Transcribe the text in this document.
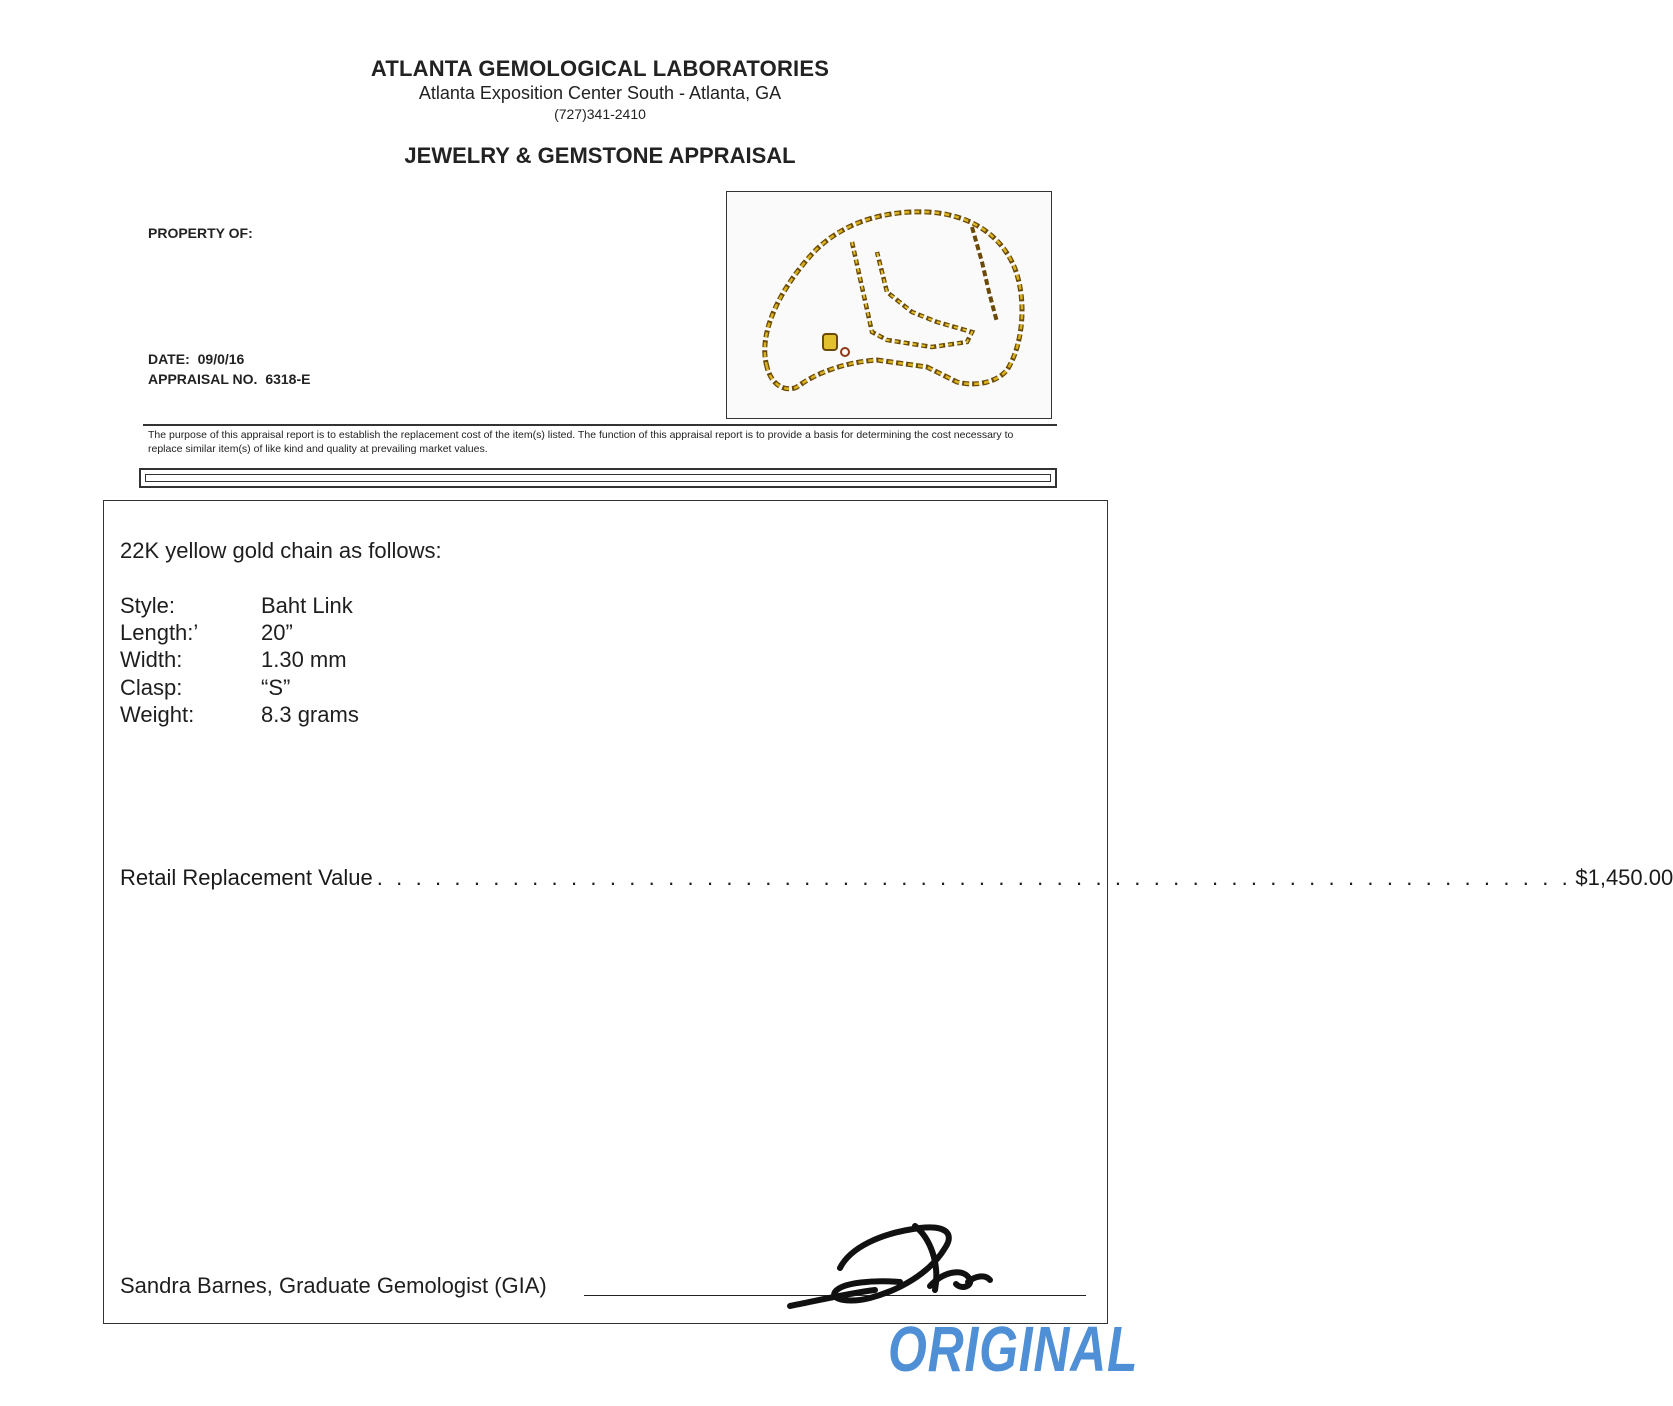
ATLANTA GEMOLOGICAL LABORATORIES
Atlanta Exposition Center South - Atlanta, GA
(727)341-2410
JEWELRY & GEMSTONE APPRAISAL
PROPERTY OF:
DATE: 09/0/16
APPRAISAL NO. 6318-E
The purpose of this appraisal report is to establish the replacement cost of the item(s) listed. The function of this appraisal report is to provide a basis for determining the cost necessary to replace similar item(s) of like kind and quality at prevailing market values.
22K yellow gold chain as follows:
Style:	Baht Link
Length:’	20”
Width:	1.30 mm
Clasp:	“S”
Weight:	8.3 grams
Retail Replacement Value . . . . . . . . . . . . . . . . . . . . . . . . . . . . . . . . . . . . . . . . . . . . . . . . . . . . . . . . . . . . . . $1,450.00
Sandra Barnes, Graduate Gemologist (GIA)
ORIGINAL
